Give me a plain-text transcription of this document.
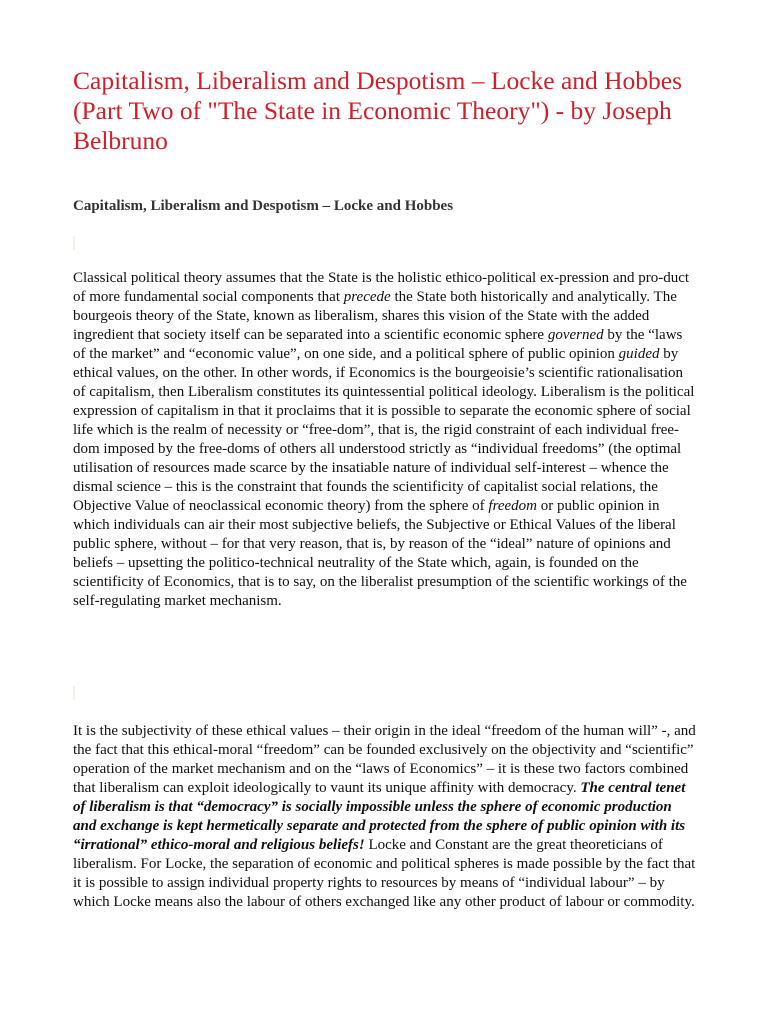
Capitalism, Liberalism and Despotism – Locke and Hobbes (Part Two of "The State in Economic Theory") - by Joseph Belbruno
Capitalism, Liberalism and Despotism – Locke and Hobbes

Classical political theory assumes that the State is the holistic ethico-political ex-pression and pro-duct of more fundamental social components that precede the State both historically and analytically. The bourgeois theory of the State, known as liberalism, shares this vision of the State with the added ingredient that society itself can be separated into a scientific economic sphere governed by the “laws of the market” and “economic value”, on one side, and a political sphere of public opinion guided by ethical values, on the other. In other words, if Economics is the bourgeoisie’s scientific rationalisation of capitalism, then Liberalism constitutes its quintessential political ideology. Liberalism is the political expression of capitalism in that it proclaims that it is possible to separate the economic sphere of social life which is the realm of necessity or “free-dom”, that is, the rigid constraint of each individual free-dom imposed by the free-doms of others all understood strictly as “individual freedoms” (the optimal utilisation of resources made scarce by the insatiable nature of individual self-interest – whence the dismal science – this is the constraint that founds the scientificity of capitalist social relations, the Objective Value of neoclassical economic theory) from the sphere of freedom or public opinion in which individuals can air their most subjective beliefs, the Subjective or Ethical Values of the liberal public sphere, without – for that very reason, that is, by reason of the “ideal” nature of opinions and beliefs – upsetting the politico-technical neutrality of the State which, again, is founded on the scientificity of Economics, that is to say, on the liberalist presumption of the scientific workings of the self-regulating market mechanism.

It is the subjectivity of these ethical values – their origin in the ideal “freedom of the human will” -, and the fact that this ethical-moral “freedom” can be founded exclusively on the objectivity and “scientific” operation of the market mechanism and on the “laws of Economics” – it is these two factors combined that liberalism can exploit ideologically to vaunt its unique affinity with democracy. The central tenet of liberalism is that “democracy” is socially impossible unless the sphere of economic production and exchange is kept hermetically separate and protected from the sphere of public opinion with its “irrational” ethico-moral and religious beliefs! Locke and Constant are the great theoreticians of liberalism. For Locke, the separation of economic and political spheres is made possible by the fact that it is possible to assign individual property rights to resources by means of “individual labour” – by which Locke means also the labour of others exchanged like any other product of labour or commodity.
